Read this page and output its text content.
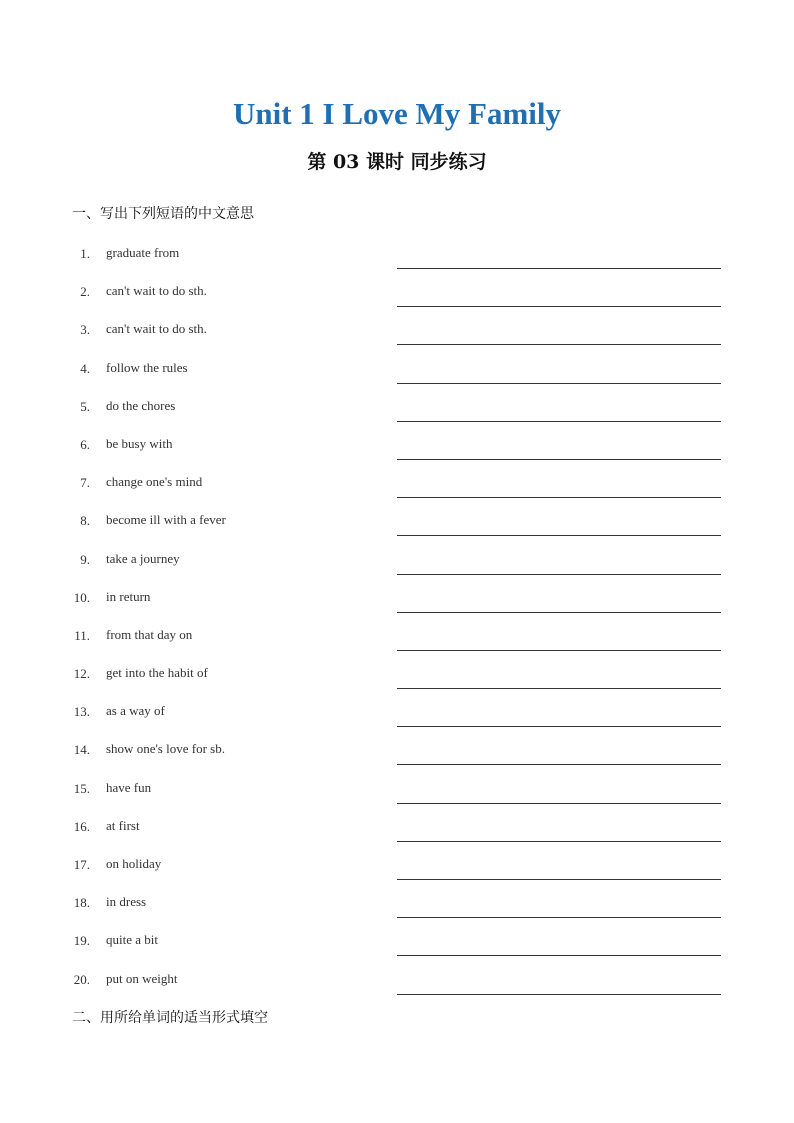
Unit 1 I Love My Family
第 03 课时 同步练习
一、写出下列短语的中文意思
1. graduate from
2. can't wait to do sth.
3. can't wait to do sth.
4. follow the rules
5. do the chores
6. be busy with
7. change one's mind
8. become ill with a fever
9. take a journey
10. in return
11. from that day on
12. get into the habit of
13. as a way of
14. show one's love for sb.
15. have fun
16. at first
17. on holiday
18. in dress
19. quite a bit
20. put on weight
二、用所给单词的适当形式填空
